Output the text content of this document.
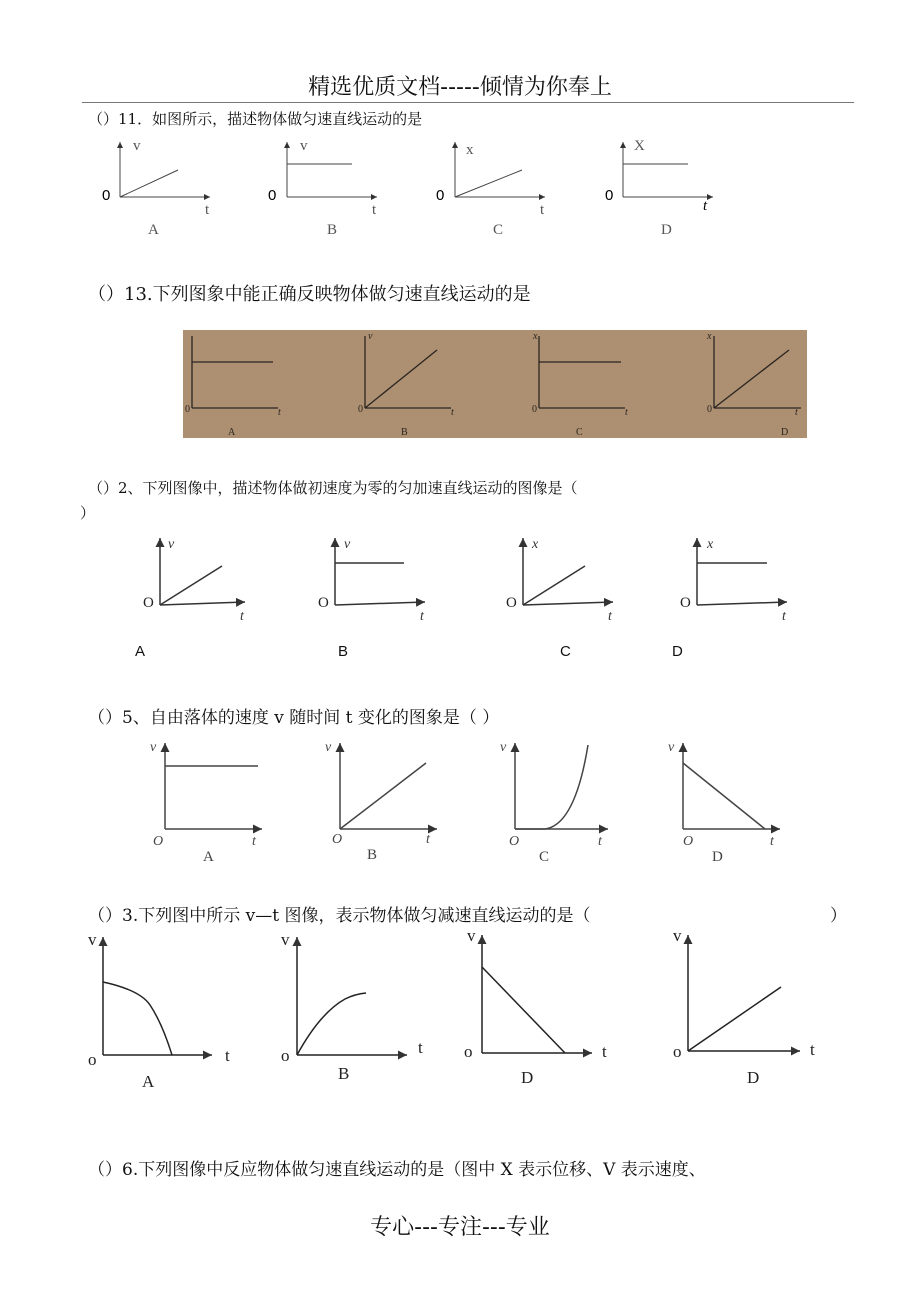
精选优质文档-----倾情为你奉上
（）11．如图所示，描述物体做匀速直线运动的是
v
t
0
A
v
t
0
B
x
t
0
C
X
t
0
D
（）13.下列图象中能正确反映物体做匀速直线运动的是
0	t
A
0
v
t
B
0
x
t
C
0
x
t
D
（）2、下列图像中，描述物体做初速度为零的匀加速直线运动的图像是（
）
v
t
v
t
x
t
x
t
O	O	O	O
A	B	C	D
（）5、自由落体的速度 v 随时间 t 变化的图象是（ ）
v
t
O
v
t
O
v
t
O
v
t
O
A	B	C	D
（）3.下列图中所示 v—t 图像，表示物体做匀减速直线运动的是（	）
v
t
o
A
v
t
o
B
v
t
o
D
v
t
o
D
（）6.下列图像中反应物体做匀速直线运动的是（图中 X 表示位移、V 表示速度、
专心---专注---专业
